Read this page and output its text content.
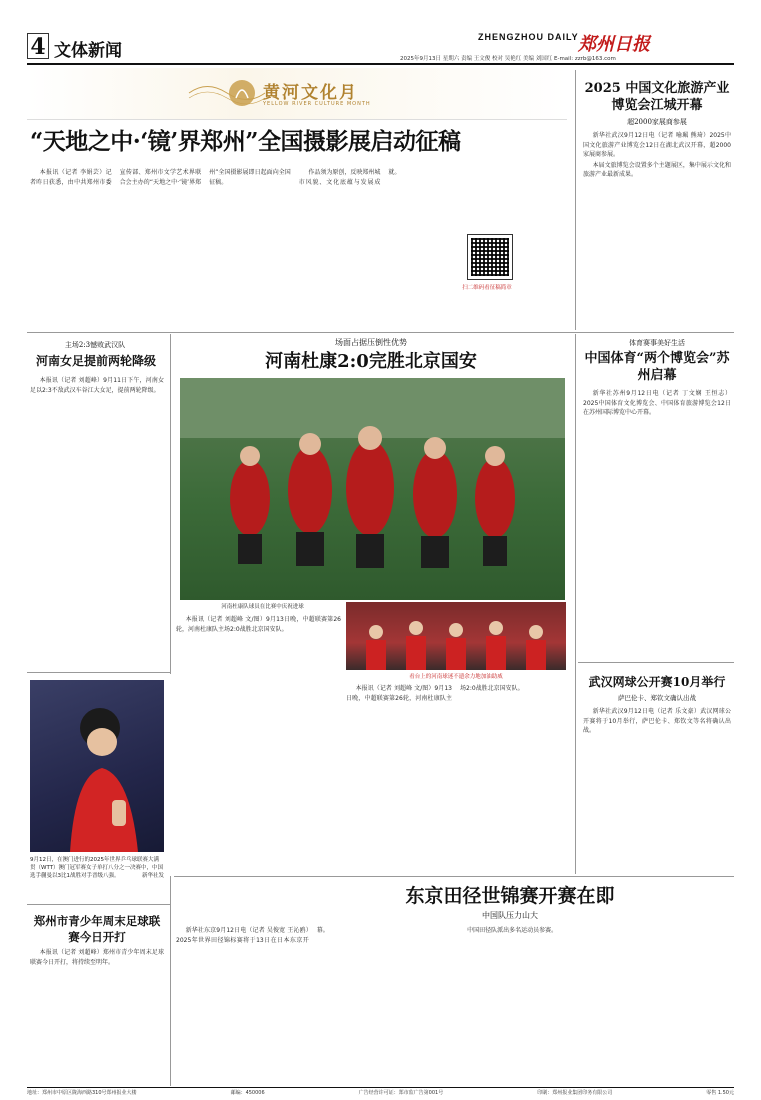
4 文体新闻
ZHENGZHOU DAILY 郑州日报
2025年9月13日 星期六 责编 王文俊 校对 吴艳红 美编 刘国红 E-mail: zzrb@163.com
黄河文化月
YELLOW RIVER CULTURE MONTH
“天地之中·‘镜’界郑州”全国摄影展启动征稿

本报讯（记者 李娟芸）记者昨日获悉，由中共郑州市委宣传部、郑州市文学艺术界联合会主办的“天地之中·‘镜’界郑州”全国摄影展即日起面向全国征稿。

作品须为原创，反映郑州城市风貌、文化底蕴与发展成就。

扫二维码看征稿简章
2025 中国文化旅游产业博览会江城开幕
超2000家展商参展

新华社武汉9月12日电（记者 喻珮 熊琦）2025中国文化旅游产业博览会12日在湖北武汉开幕，超2000家展商参展。

本届文旅博览会设置多个主题展区，集中展示文化和旅游产业最新成果。

主场2:3憾败武汉队
河南女足提前两轮降级

本报讯（记者 刘超峰）9月11日下午，河南女足以2:3不敌武汉车谷江大女足，提前两轮降级。

场面占据压倒性优势
河南杜康2:0完胜北京国安
河南杜康队球员在比赛中庆祝进球

本报讯（记者 刘超峰 文/图）9月13日晚，中超联赛第26轮，河南杜康队主场2:0战胜北京国安队。

看台上的河南球迷不遗余力地加油助威

本报讯（记者 刘超峰 文/图）9月13日晚，中超联赛第26轮，河南杜康队主场2:0战胜北京国安队。

体育赛事美好生活
中国体育“两个博览会”苏州启幕

新华社苏州9月12日电（记者 丁文娴 王恒志）2025中国体育文化博览会、中国体育旅游博览会12日在苏州国际博览中心开幕。

武汉网球公开赛10月举行
萨巴伦卡、郑钦文确认出战

新华社武汉9月12日电（记者 乐文豪）武汉网球公开赛将于10月举行，萨巴伦卡、郑钦文等名将确认出战。

9月12日，在澳门进行的2025年世界乒乓球联赛大满贯（WTT）澳门冠军赛女子单打八分之一决赛中，中国选手蒯曼以3比1战胜对手晋级八强。	新华社发
郑州市青少年周末足球联赛今日开打

本报讯（记者 刘超峰）郑州市青少年周末足球联赛今日开打，将持续至明年。

东京田径世锦赛开赛在即
中国队压力山大

新华社东京9月12日电（记者 吴俊宽 王沁鸥）2025年世界田径锦标赛将于13日在日本东京开幕。	中国田径队派出多名运动员参赛。

地址：郑州市中原区陇海西路310号郑州报业大楼	邮编：450006	广告经营许可证：郑市监广告第001号	印刷：郑州报业集团印务有限公司	零售 1.50元
